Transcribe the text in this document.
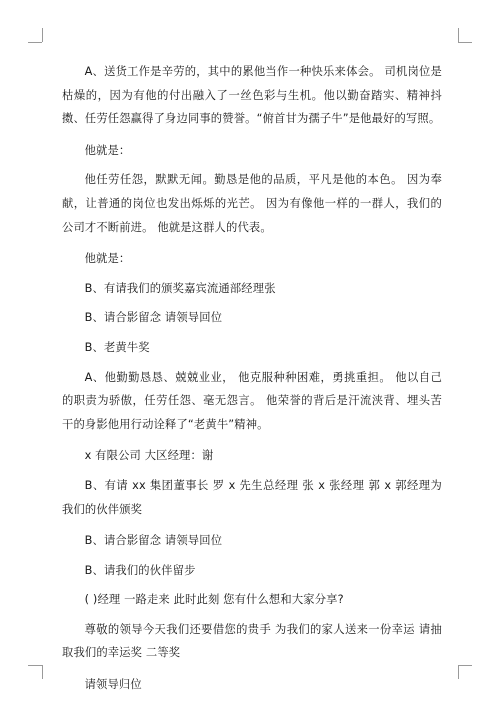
A、送货工作是辛劳的，其中的累他当作一种快乐来体会。 司机岗位是枯燥的，因为有他的付出融入了一丝色彩与生机。他以勤奋踏实、精神抖擞、任劳任怨赢得了身边同事的赞誉。“俯首甘为孺子牛”是他最好的写照。

他就是：

他任劳任怨，默默无闻。勤恳是他的品质，平凡是他的本色。 因为奉献，让普通的岗位也发出烁烁的光芒。 因为有像他一样的一群人，我们的公司才不断前进。 他就是这群人的代表。

他就是：

B、有请我们的颁奖嘉宾流通部经理张

B、请合影留念 请领导回位

B、老黄牛奖

A、他勤勤恳恳、兢兢业业， 他克服种种困难，勇挑重担。 他以自己的职责为骄傲，任劳任怨、毫无怨言。 他荣誉的背后是汗流浃背、埋头苦干的身影他用行动诠释了“老黄牛”精神。

x 有限公司 大区经理：谢

B、有请 xx 集团董事长 罗 x 先生总经理 张 x 张经理 郭 x 郭经理为我们的伙伴颁奖

B、请合影留念 请领导回位

B、请我们的伙伴留步

( )经理 一路走来 此时此刻 您有什么想和大家分享?

尊敬的领导今天我们还要借您的贵手 为我们的家人送来一份幸运 请抽取我们的幸运奖 二等奖

请领导归位
